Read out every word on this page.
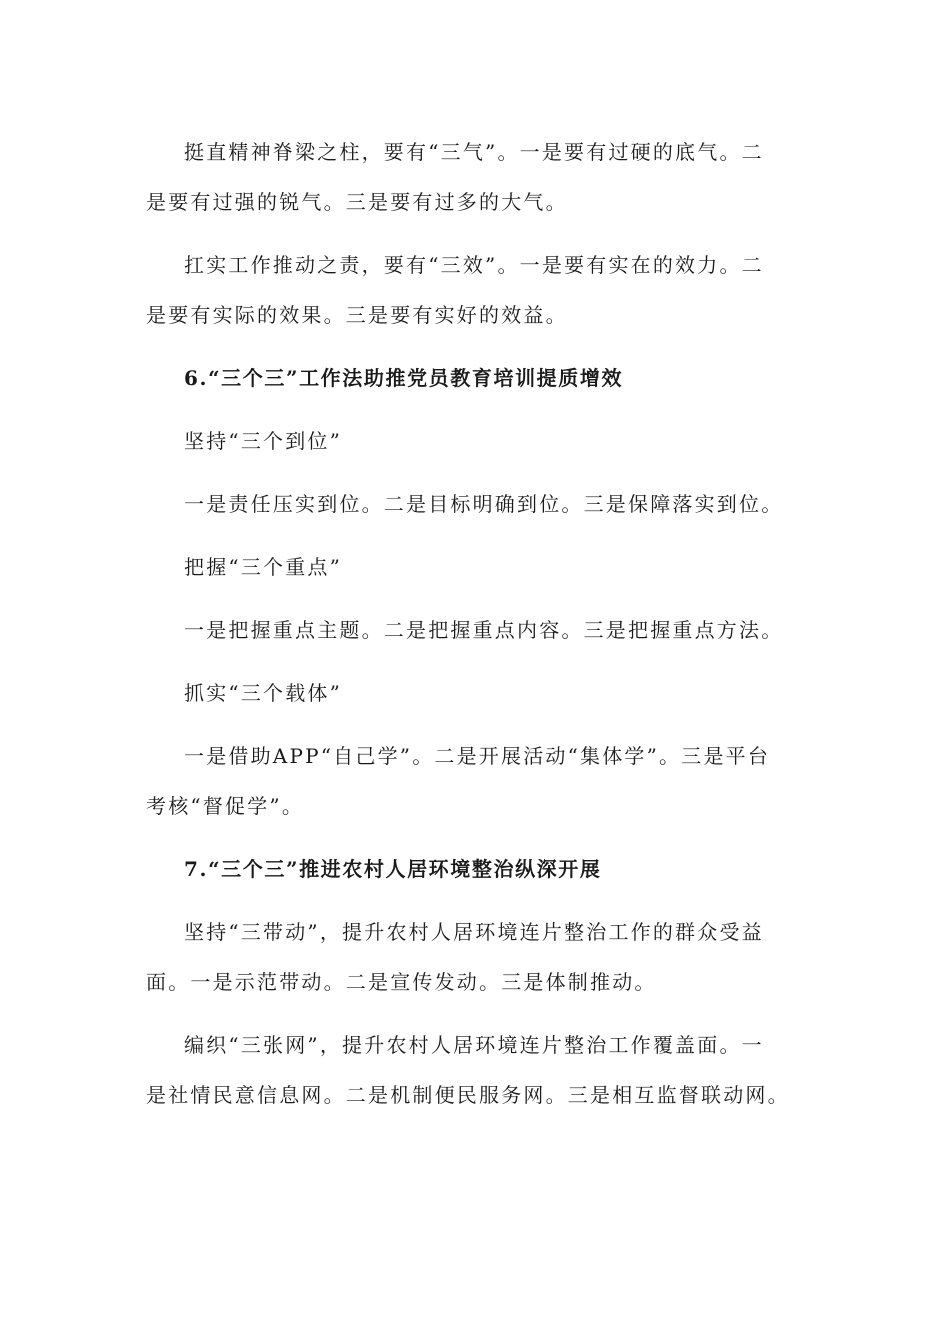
挺直精神脊梁之柱，要有“三气”。一是要有过硬的底气。二
是要有过强的锐气。三是要有过多的大气。
扛实工作推动之责，要有“三效”。一是要有实在的效力。二
是要有实际的效果。三是要有实好的效益。
6.“三个三”工作法助推党员教育培训提质增效
坚持“三个到位”
一是责任压实到位。二是目标明确到位。三是保障落实到位。
把握“三个重点”
一是把握重点主题。二是把握重点内容。三是把握重点方法。
抓实“三个载体”
一是借助APP“自己学”。二是开展活动“集体学”。三是平台
考核“督促学”。
7.“三个三”推进农村人居环境整治纵深开展
坚持“三带动”，提升农村人居环境连片整治工作的群众受益
面。一是示范带动。二是宣传发动。三是体制推动。
编织“三张网”，提升农村人居环境连片整治工作覆盖面。一
是社情民意信息网。二是机制便民服务网。三是相互监督联动网。
